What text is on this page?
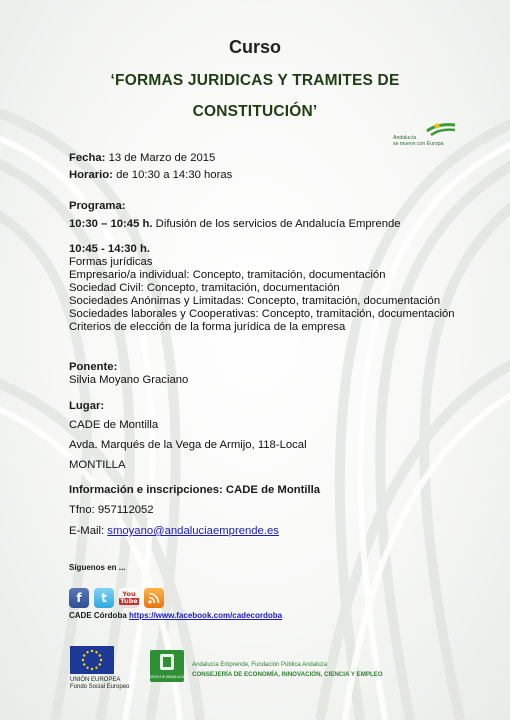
Curso
‘FORMAS JURIDICAS Y TRAMITES DE
CONSTITUCIÓN’
Andalucía
se mueve con Europa
Fecha: 13 de Marzo de 2015
Horario: de 10:30 a 14:30 horas
Programa:
10:30 – 10:45 h. Difusión de los servicios de Andalucía Emprende
10:45 - 14:30 h.
Formas jurídicas
Empresario/a individual: Concepto, tramitación, documentación
Sociedad Civil: Concepto, tramitación, documentación
Sociedades Anónimas y Limitadas: Concepto, tramitación, documentación
Sociedades laborales y Cooperativas: Concepto, tramitación, documentación
Criterios de elección de la forma jurídica de la empresa
Ponente:
Silvia Moyano Graciano
Lugar:
CADE de Montilla
Avda. Marqués de la Vega de Armijo, 118-Local
MONTILLA
Información e inscripciones: CADE de Montilla
Tfno: 957112052
E-Mail: smoyano@andaluciaemprende.es
Síguenos en ...
f	t	You
Tube
CADE Córdoba https://www.facebook.com/cadecordoba
UNIÓN EUROPEA
Fondo Social Europeo
JUNTA DE ANDALUCIA
Andalucía Emprende, Fundación Pública Andaluza
CONSEJERÍA DE ECONOMÍA, INNOVACIÓN, CIENCIA Y EMPLEO
